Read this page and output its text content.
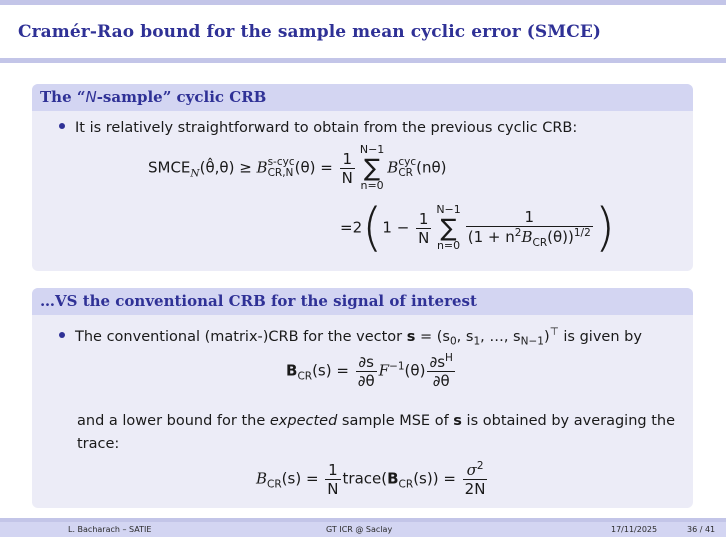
Cramér-Rao bound for the sample mean cyclic error (SMCE)
The “N-sample” cyclic CRB
It is relatively straightforward to obtain from the previous cyclic CRB:
$SMCE_N(\thetâ,\theta) \ge B$ s-cyc
CR,N $(\theta) = \frac{1}{N} N-1$
∑
n=0B cyc
CR (nθ)
$=2(1 - \frac{1}{N} N-1$
∑
$n=0 \frac{1}{(1 + n^2B_{CR}(\theta))^{1/2}}$ )
…VS the conventional CRB for the signal of interest
The conventional (matrix-)CRB for the vector $s = (s_0$, $s_1$, …, $s_{N-1})^⊤$ is given by
$B_{CR}(s) = \frac{\partial s}{\partial\theta} F^{-1}(\theta) \frac{\partial s^H}{\partial\theta}$
and a lower bound for the expected sample MSE of s is obtained by averaging the trace:
$B_{CR}(s) = \frac{1}{N}$ $trace(B_{CR}(s)) = \frac{\sigma^2}{2N}$
L. Bacharach – SATIE	GT ICR @ Saclay	17/11/2025	36 / 41
